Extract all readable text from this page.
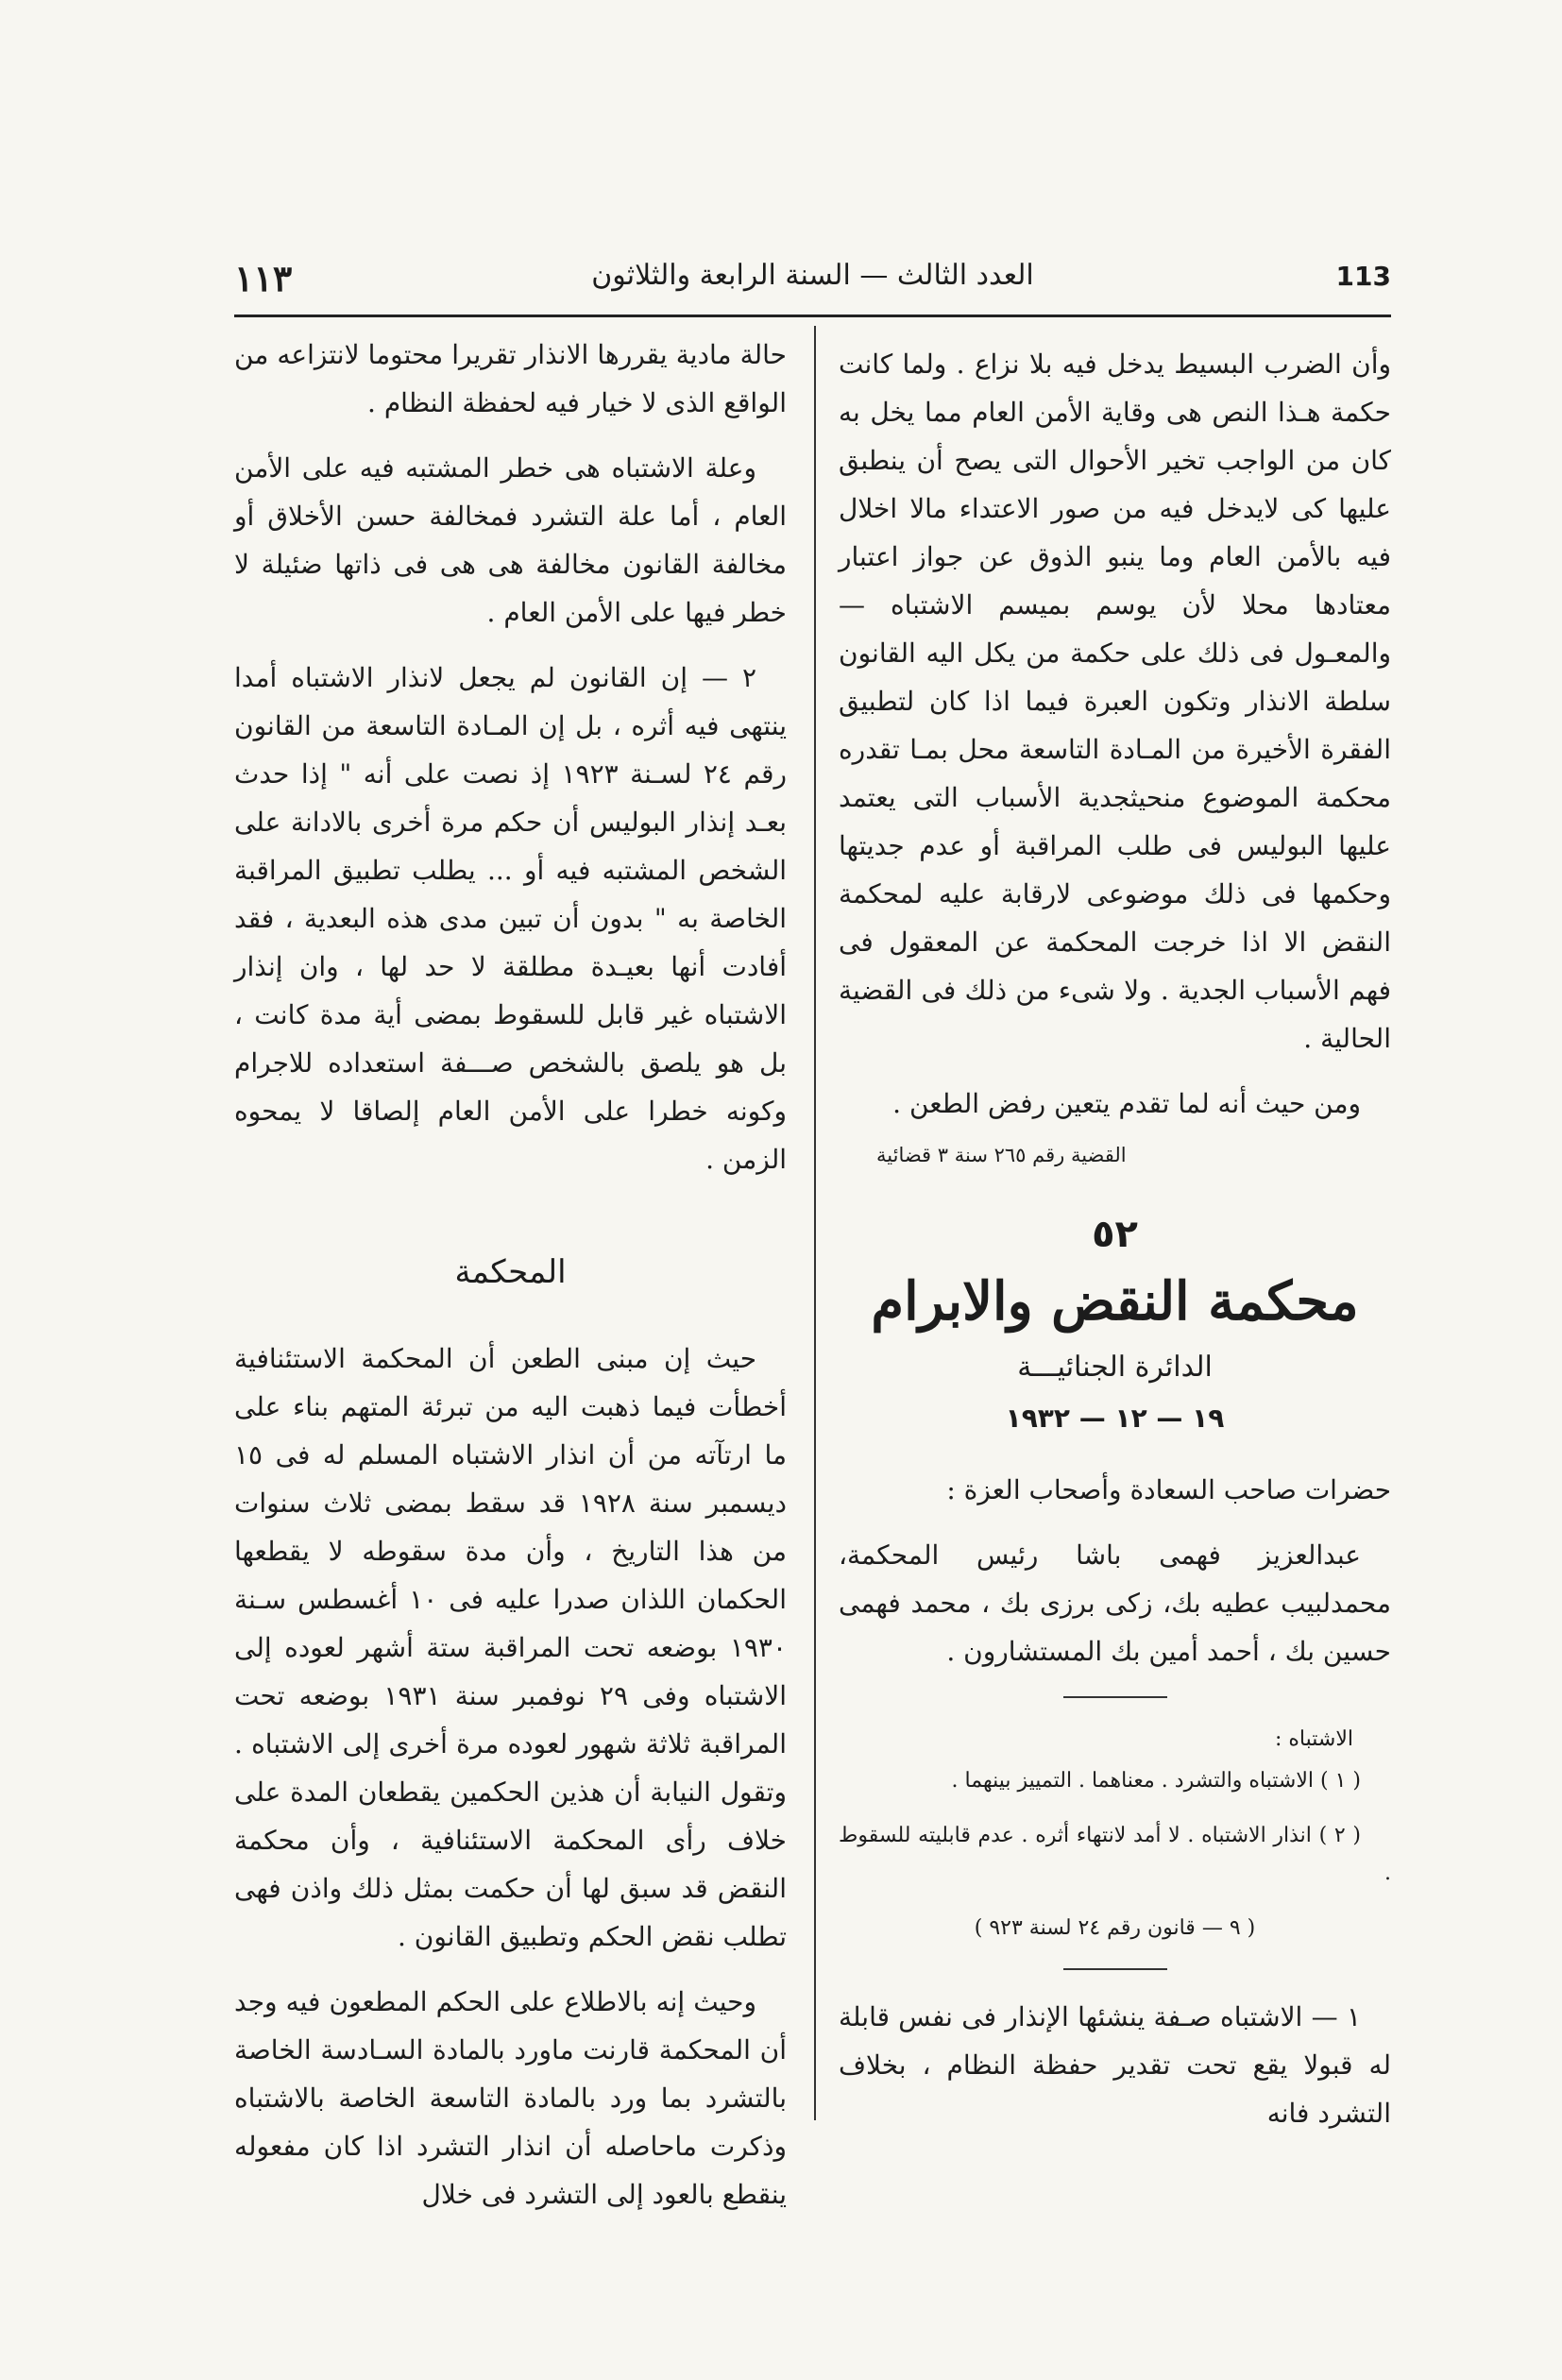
١١٣	العدد الثالث — السنة الرابعة والثلاثون	113

وأن الضرب البسيط يدخل فيه بلا نزاع . ولما كانت حكمة هـذا النص هى وقاية الأمن العام مما يخل به كان من الواجب تخير الأحوال التى يصح أن ينطبق عليها كى لايدخل فيه من صور الاعتداء مالا اخلال فيه بالأمن العام وما ينبو الذوق عن جواز اعتبار معتادها محلا لأن يوسم بميسم الاشتباه — والمعـول فى ذلك على حكمة من يكل اليه القانون سلطة الانذار وتكون العبرة فيما اذا كان لتطبيق الفقرة الأخيرة من المـادة التاسعة محل بمـا تقدره محكمة الموضوع منحيثجدية الأسباب التى يعتمد عليها البوليس فى طلب المراقبة أو عدم جديتها وحكمها فى ذلك موضوعى لارقابة عليه لمحكمة النقض الا اذا خرجت المحكمة عن المعقول فى فهم الأسباب الجدية . ولا شىء من ذلك فى القضية الحالية .

ومن حيث أنه لما تقدم يتعين رفض الطعن .

القضية رقم ٢٦٥ سنة ٣ قضائية
٥٢
محكمة النقض والابرام
الدائرة الجنائيـــة
١٩ — ١٢ — ١٩٣٢

حضرات صاحب السعادة وأصحاب العزة :

عبدالعزيز فهمى باشا رئيس المحكمة، محمدلبيب عطيه بك، زكى برزى بك ، محمد فهمى حسين بك ، أحمد أمين بك المستشارون .

الاشتباه :

( ١ ) الاشتباه والتشرد . معناهما . التمييز بينهما .

( ٢ ) انذار الاشتباه . لا أمد لانتهاء أثره . عدم قابليته للسقوط .

( ٩ — قانون رقم ٢٤ لسنة ٩٢٣ )

١ — الاشتباه صـفة ينشئها الإنذار فى نفس قابلة له قبولا يقع تحت تقدير حفظة النظام ، بخلاف التشرد فانه

حالة مادية يقررها الانذار تقريرا محتوما لانتزاعه من الواقع الذى لا خيار فيه لحفظة النظام .

وعلة الاشتباه هى خطر المشتبه فيه على الأمن العام ، أما علة التشرد فمخالفة حسن الأخلاق أو مخالفة القانون مخالفة هى هى فى ذاتها ضئيلة لا خطر فيها على الأمن العام .

٢ — إن القانون لم يجعل لانذار الاشتباه أمدا ينتهى فيه أثره ، بل إن المـادة التاسعة من القانون رقم ٢٤ لسـنة ١٩٢٣ إذ نصت على أنه " إذا حدث بعـد إنذار البوليس أن حكم مرة أخرى بالادانة على الشخص المشتبه فيه أو ... يطلب تطبيق المراقبة الخاصة به " بدون أن تبين مدى هذه البعدية ، فقد أفادت أنها بعيـدة مطلقة لا حد لها ، وان إنذار الاشتباه غير قابل للسقوط بمضى أية مدة كانت ، بل هو يلصق بالشخص صـــفة استعداده للاجرام وكونه خطرا على الأمن العام إلصاقا لا يمحوه الزمن .

المحكمة

حيث إن مبنى الطعن أن المحكمة الاستئنافية أخطأت فيما ذهبت اليه من تبرئة المتهم بناء على ما ارتآته من أن انذار الاشتباه المسلم له فى ١٥ ديسمبر سنة ١٩٢٨ قد سقط بمضى ثلاث سنوات من هذا التاريخ ، وأن مدة سقوطه لا يقطعها الحكمان اللذان صدرا عليه فى ١٠ أغسطس سـنة ١٩٣٠ بوضعه تحت المراقبة ستة أشهر لعوده إلى الاشتباه وفى ٢٩ نوفمبر سنة ١٩٣١ بوضعه تحت المراقبة ثلاثة شهور لعوده مرة أخرى إلى الاشتباه . وتقول النيابة أن هذين الحكمين يقطعان المدة على خلاف رأى المحكمة الاستئنافية ، وأن محكمة النقض قد سبق لها أن حكمت بمثل ذلك واذن فهى تطلب نقض الحكم وتطبيق القانون .

وحيث إنه بالاطلاع على الحكم المطعون فيه وجد أن المحكمة قارنت ماورد بالمادة السـادسة الخاصة بالتشرد بما ورد بالمادة التاسعة الخاصة بالاشتباه وذكرت ماحاصله أن انذار التشرد اذا كان مفعوله ينقطع بالعود إلى التشرد فى خلال
